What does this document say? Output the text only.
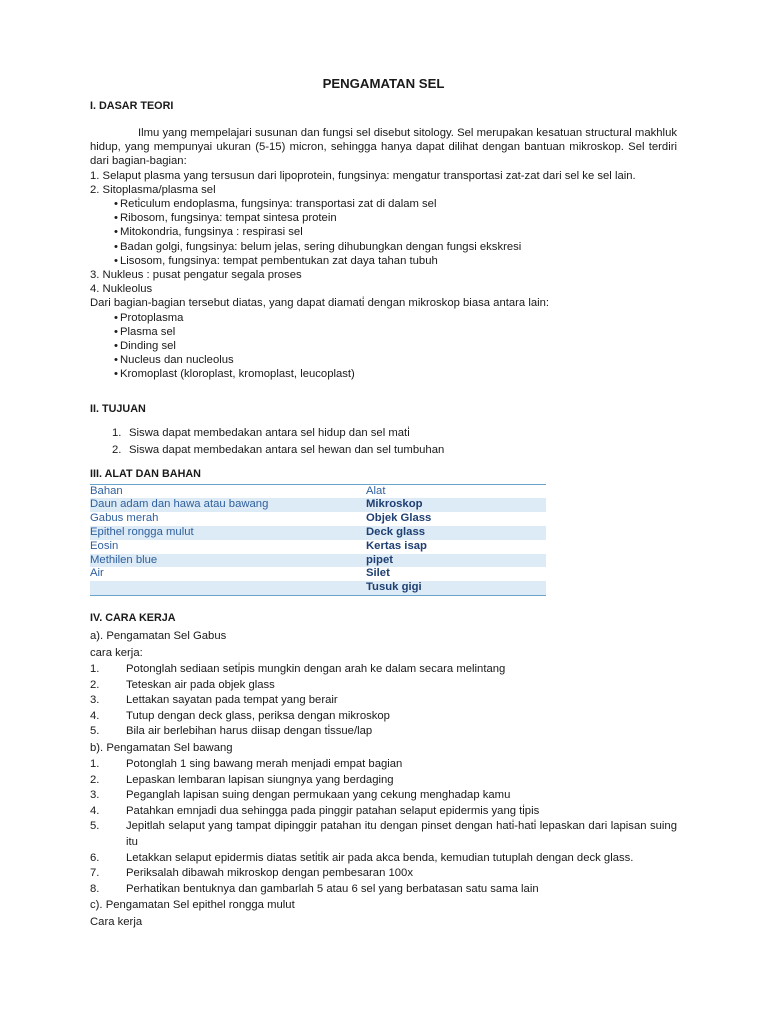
PENGAMATAN SEL
I. DASAR TEORI
Ilmu yang mempelajari susunan dan fungsi sel disebut sitology. Sel merupakan kesatuan structural makhluk hidup, yang mempunyai ukuran (5-15) micron, sehingga hanya dapat dilihat dengan bantuan mikroskop. Sel terdiri dari bagian-bagian:
1. Selaput plasma yang tersusun dari lipoprotein, fungsinya: mengatur transportasi zat-zat dari sel ke sel lain.
2. Sitoplasma/plasma sel
• Reti̇culum endoplasma, fungsinya: transportasi zat di dalam sel
• Ribosom, fungsinya: tempat sintesa protein
• Mitokondria, fungsinya : respirasi sel
• Badan golgi, fungsinya: belum jelas, sering dihubungkan dengan fungsi ekskresi
• Lisosom, fungsinya: tempat pembentukan zat daya tahan tubuh
3. Nukleus : pusat pengatur segala proses
4. Nukleolus
Dari bagian-bagian tersebut diatas, yang dapat diamati̇ dengan mikroskop biasa antara lain:
• Protoplasma
• Plasma sel
• Dinding sel
• Nucleus dan nucleolus
• Kromoplast (kloroplast, kromoplast, leucoplast)
II. TUJUAN
1. Siswa dapat membedakan antara sel hidup dan sel mati̇
2. Siswa dapat membedakan antara sel hewan dan sel tumbuhan
III. ALAT DAN BAHAN
Bahan	Alat
Daun adam dan hawa atau bawang	Mikroskop
Gabus merah	Objek Glass
Epithel rongga mulut	Deck glass
Eosin	Kertas isap
Methilen blue	pipet
Air	Silet
	Tusuk gigi
IV. CARA KERJA
a). Pengamatan Sel Gabus
cara kerja:
1. Potonglah sediaan seti̇pis mungkin dengan arah ke dalam secara melintang
2. Teteskan air pada objek glass
3. Lettakan sayatan pada tempat yang berair
4. Tutup dengan deck glass, periksa dengan mikroskop
5. Bila air berlebihan harus diisap dengan ti̇ssue/lap
b). Pengamatan Sel bawang
1. Potonglah 1 sing bawang merah menjadi empat bagian
2. Lepaskan lembaran lapisan siungnya yang berdaging
3. Peganglah lapisan suing dengan permukaan yang cekung menghadap kamu
4. Patahkan emnjadi dua sehingga pada pinggir patahan selaput epidermis yang ti̇pis
5. Jepitlah selaput yang tampat dipinggir patahan itu dengan pinset dengan hati̇-hati̇ lepaskan dari lapisan suing itu
6. Letakkan selaput epidermis diatas seti̇ti̇k air pada akca benda, kemudian tutuplah dengan deck glass.
7. Periksalah dibawah mikroskop dengan pembesaran 100x
8. Perhati̇kan bentuknya dan gambarlah 5 atau 6 sel yang berbatasan satu sama lain
c). Pengamatan Sel epithel rongga mulut
Cara kerja
